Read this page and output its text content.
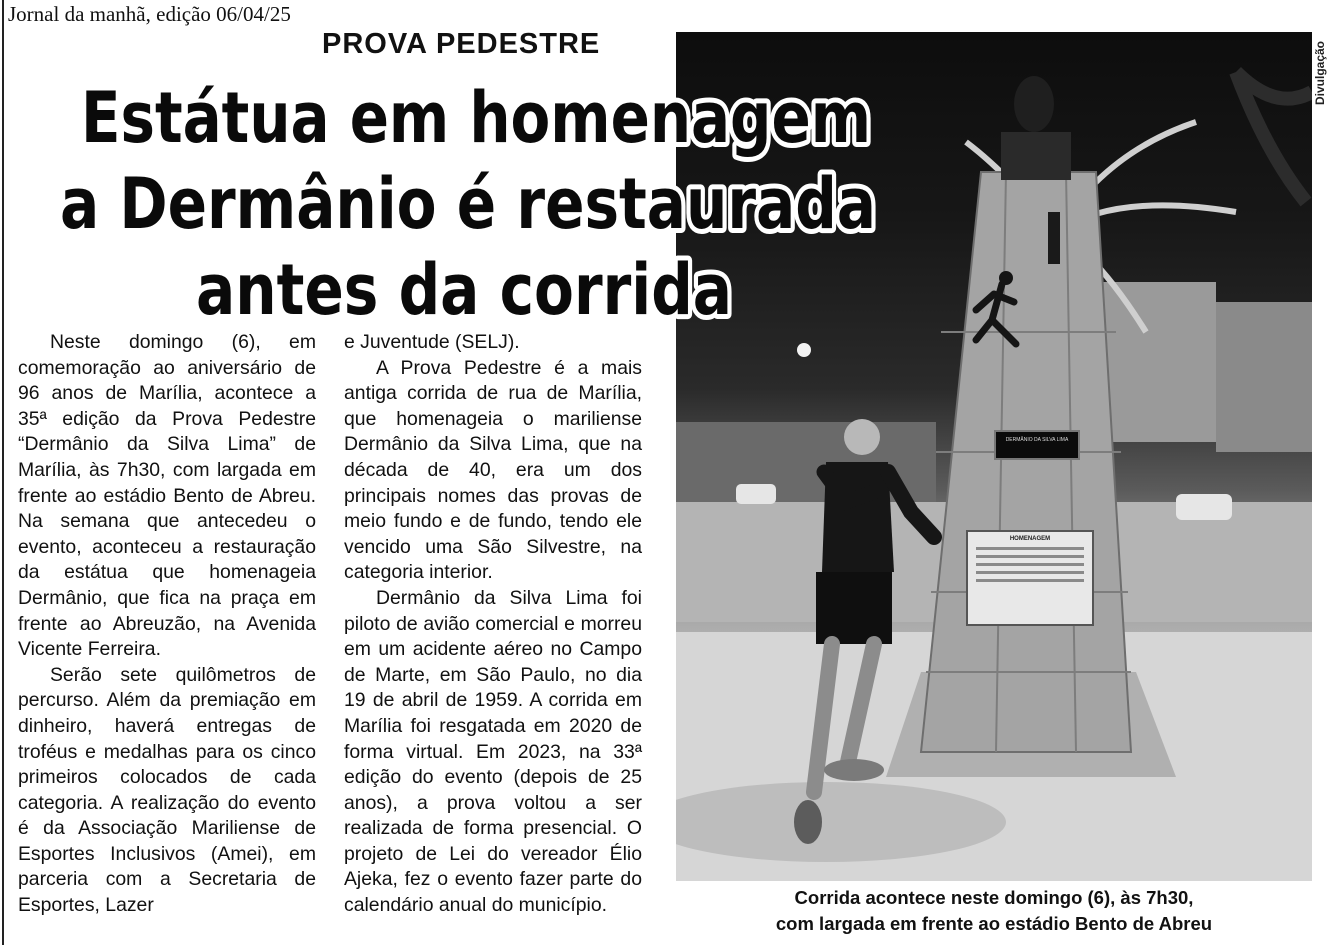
Jornal da manhã, edição 06/04/25
PROVA PEDESTRE
DERMÂNIO DA SILVA LIMA
HOMENAGEM
Divulgação
Estátua em homenagem
a Dermânio é restaurada
antes da corrida

Neste domingo (6), em comemoração ao aniversário de 96 anos de Marília, acontece a 35ª edição da Prova Pedestre “Dermânio da Silva Lima” de Marília, às 7h30, com largada em frente ao estádio Bento de Abreu. Na semana que antecedeu o evento, aconteceu a restauração da estátua que homenageia Dermânio, que fica na praça em frente ao Abreuzão, na Avenida Vicente Ferreira.

Serão sete quilômetros de percurso. Além da premiação em dinheiro, haverá entregas de troféus e medalhas para os cinco primeiros colocados de cada categoria. A realização do evento é da Associação Mariliense de Esportes Inclusivos (Amei), em parceria com a Secretaria de Esportes, Lazer

e Juventude (SELJ).

A Prova Pedestre é a mais antiga corrida de rua de Marília, que homenageia o mariliense Dermânio da Silva Lima, que na década de 40, era um dos principais nomes das provas de meio fundo e de fundo, tendo ele vencido uma São Silvestre, na categoria interior.

Dermânio da Silva Lima foi piloto de avião comercial e morreu em um acidente aéreo no Campo de Marte, em São Paulo, no dia 19 de abril de 1959. A corrida em Marília foi resgatada em 2020 de forma virtual. Em 2023, na 33ª edição do evento (depois de 25 anos), a prova voltou a ser realizada de forma presencial. O projeto de Lei do vereador Élio Ajeka, fez o evento fazer parte do calendário anual do município.	Corrida acontece neste domingo (6), às 7h30,
com largada em frente ao estádio Bento de Abreu
